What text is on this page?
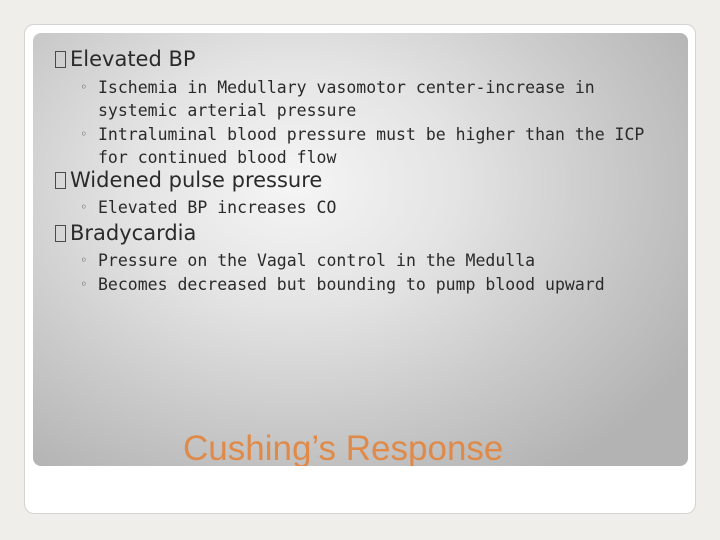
Elevated BP
◦ Ischemia in Medullary vasomotor center-increase in systemic arterial pressure
◦ Intraluminal blood pressure must be higher than the ICP for continued blood flow
Widened pulse pressure
◦ Elevated BP increases CO
Bradycardia
◦ Pressure on the Vagal control in the Medulla
◦ Becomes decreased but bounding to pump blood upward
Cushing’s Response
